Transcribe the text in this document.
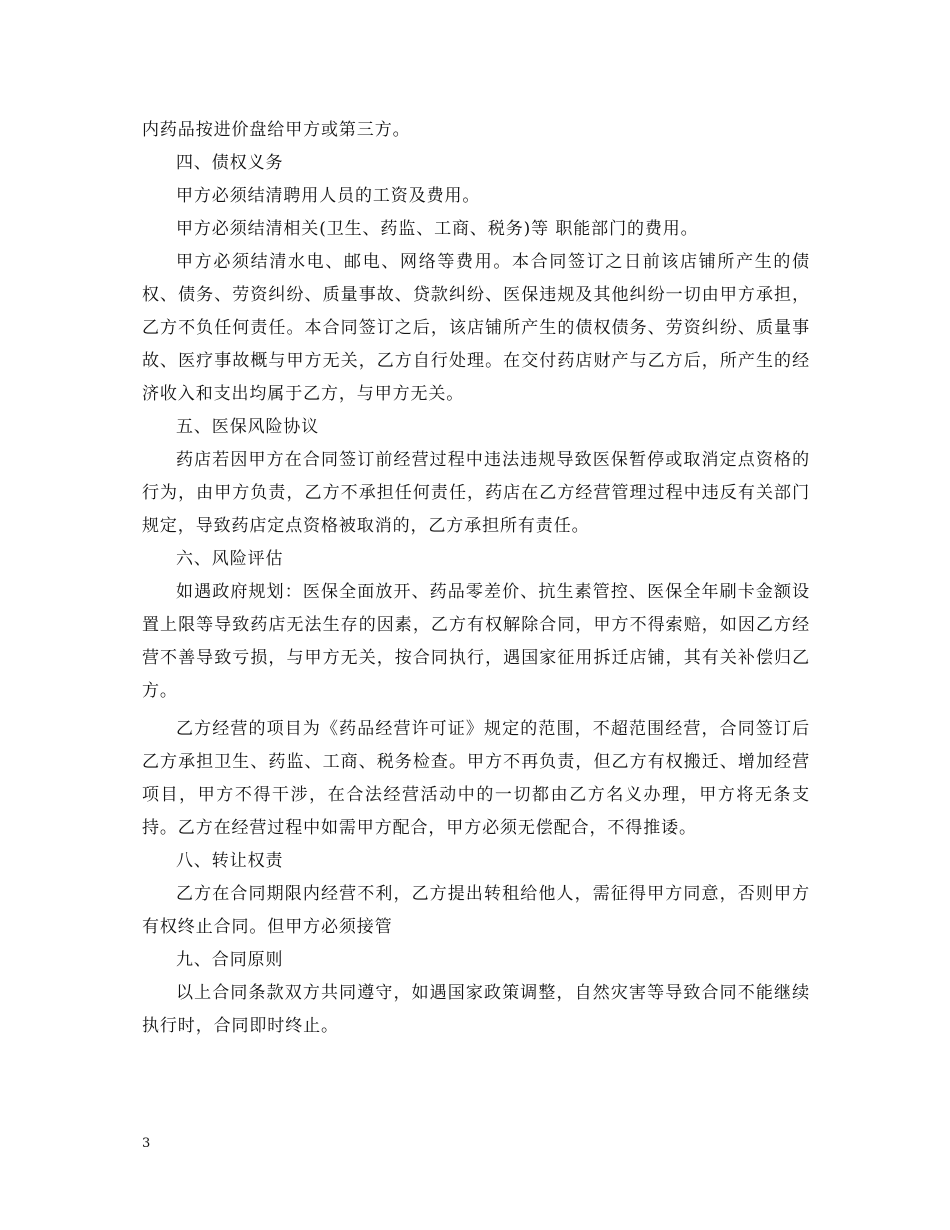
内药品按进价盘给甲方或第三方。

四、债权义务

甲方必须结清聘用人员的工资及费用。

甲方必须结清相关(卫生、药监、工商、税务)等 职能部门的费用。

甲方必须结清水电、邮电、网络等费用。本合同签订之日前该店铺所产生的债权、债务、劳资纠纷、质量事故、贷款纠纷、医保违规及其他纠纷一切由甲方承担，乙方不负任何责任。本合同签订之后，该店铺所产生的债权债务、劳资纠纷、质量事故、医疗事故概与甲方无关，乙方自行处理。在交付药店财产与乙方后，所产生的经济收入和支出均属于乙方，与甲方无关。

五、医保风险协议

药店若因甲方在合同签订前经营过程中违法违规导致医保暂停或取消定点资格的行为，由甲方负责，乙方不承担任何责任，药店在乙方经营管理过程中违反有关部门规定，导致药店定点资格被取消的，乙方承担所有责任。

六、风险评估

如遇政府规划：医保全面放开、药品零差价、抗生素管控、医保全年刷卡金额设置上限等导致药店无法生存的因素，乙方有权解除合同，甲方不得索赔，如因乙方经营不善导致亏损，与甲方无关，按合同执行，遇国家征用拆迁店铺，其有关补偿归乙方。

乙方经营的项目为《药品经营许可证》规定的范围，不超范围经营，合同签订后乙方承担卫生、药监、工商、税务检查。甲方不再负责，但乙方有权搬迁、增加经营项目，甲方不得干涉，在合法经营活动中的一切都由乙方名义办理，甲方将无条支持。乙方在经营过程中如需甲方配合，甲方必须无偿配合，不得推诿。

八、转让权责

乙方在合同期限内经营不利，乙方提出转租给他人，需征得甲方同意，否则甲方有权终止合同。但甲方必须接管

九、合同原则

以上合同条款双方共同遵守，如遇国家政策调整，自然灾害等导致合同不能继续执行时，合同即时终止。

3
